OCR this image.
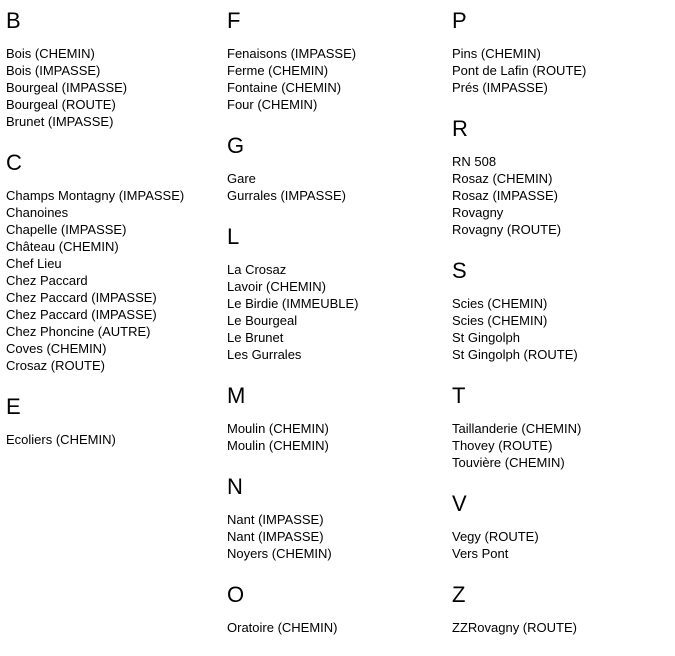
B
Bois (CHEMIN)
Bois (IMPASSE)
Bourgeal (IMPASSE)
Bourgeal (ROUTE)
Brunet (IMPASSE)
C
Champs Montagny (IMPASSE)
Chanoines
Chapelle (IMPASSE)
Château (CHEMIN)
Chef Lieu
Chez Paccard
Chez Paccard (IMPASSE)
Chez Paccard (IMPASSE)
Chez Phoncine (AUTRE)
Coves (CHEMIN)
Crosaz (ROUTE)
E
Ecoliers (CHEMIN)
F
Fenaisons (IMPASSE)
Ferme (CHEMIN)
Fontaine (CHEMIN)
Four (CHEMIN)
G
Gare
Gurrales (IMPASSE)
L
La Crosaz
Lavoir (CHEMIN)
Le Birdie (IMMEUBLE)
Le Bourgeal
Le Brunet
Les Gurrales
M
Moulin (CHEMIN)
Moulin (CHEMIN)
N
Nant (IMPASSE)
Nant (IMPASSE)
Noyers (CHEMIN)
O
Oratoire (CHEMIN)
P
Pins (CHEMIN)
Pont de Lafin (ROUTE)
Prés (IMPASSE)
R
RN 508
Rosaz (CHEMIN)
Rosaz (IMPASSE)
Rovagny
Rovagny (ROUTE)
S
Scies (CHEMIN)
Scies (CHEMIN)
St Gingolph
St Gingolph (ROUTE)
T
Taillanderie (CHEMIN)
Thovey (ROUTE)
Touvière (CHEMIN)
V
Vegy (ROUTE)
Vers Pont
Z
ZZRovagny (ROUTE)
